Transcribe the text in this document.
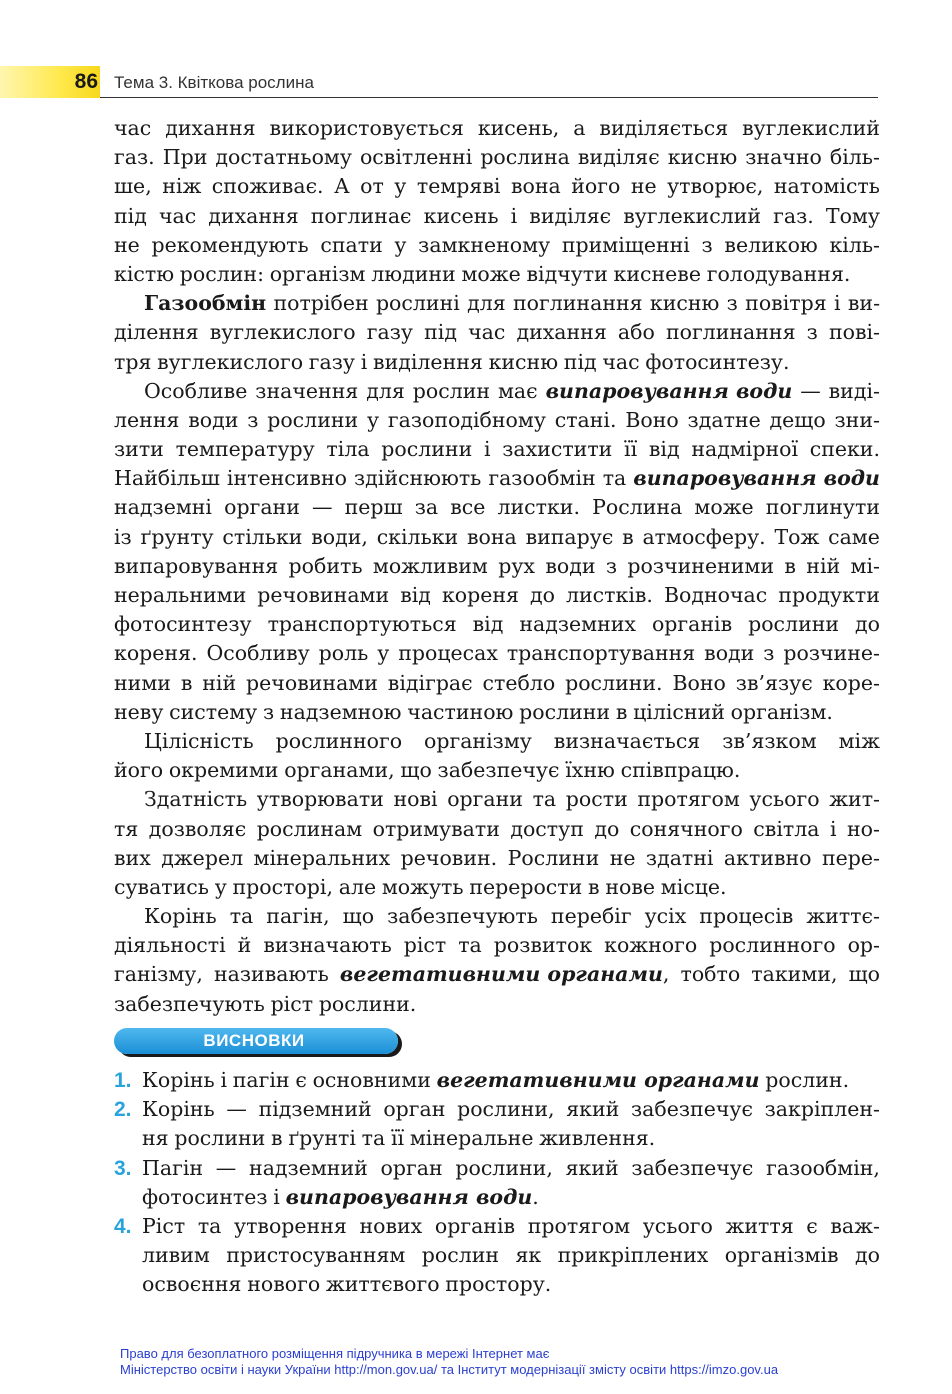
86 Тема 3. Квіткова рослина
час дихання використовується кисень, а виділяється вуглекислий
газ. При достатньому освітленні рослина виділяє кисню значно біль-
ше, ніж споживає. А от у темряві вона його не утворює, натомість
під час дихання поглинає кисень і виділяє вуглекислий газ. Тому
не рекомендують спати у замкненому приміщенні з великою кіль-
кістю рослин: організм людини може відчути кисневе голодування.
Газообмін потрібен рослині для поглинання кисню з повітря і ви-
ділення вуглекислого газу під час дихання або поглинання з пові-
тря вуглекислого газу і виділення кисню під час фотосинтезу.
Особливе значення для рослин має випаровування води — виді-
лення води з рослини у газоподібному стані. Воно здатне дещо зни-
зити температуру тіла рослини і захистити її від надмірної спеки.
Найбільш інтенсивно здійснюють газообмін та випаровування води
надземні органи — перш за все листки. Рослина може поглинути
із ґрунту стільки води, скільки вона випарує в атмосферу. Тож саме
випаровування робить можливим рух води з розчиненими в ній мі-
неральними речовинами від кореня до листків. Водночас продукти
фотосинтезу транспортуються від надземних органів рослини до
кореня. Особливу роль у процесах транспортування води з розчине-
ними в ній речовинами відіграє стебло рослини. Воно зв’язує коре-
неву систему з надземною частиною рослини в цілісний організм.
Цілісність рослинного організму визначається зв’язком між
його окремими органами, що забезпечує їхню співпрацю.
Здатність утворювати нові органи та рости протягом усього жит-
тя дозволяє рослинам отримувати доступ до сонячного світла і но-
вих джерел мінеральних речовин. Рослини не здатні активно пере-
суватись у просторі, але можуть перерости в нове місце.
Корінь та пагін, що забезпечують перебіг усіх процесів життє-
діяльності й визначають ріст та розвиток кожного рослинного ор-
ганізму, називають вегетативними органами, тобто такими, що
забезпечують ріст рослини.
ВИСНОВКИ
1. Корінь і пагін є основними вегетативними органами рослин.
2. Корінь — підземний орган рослини, який забезпечує закріплен-
ня рослини в ґрунті та її мінеральне живлення.
3. Пагін — надземний орган рослини, який забезпечує газообмін,
фотосинтез і випаровування води.
4. Ріст та утворення нових органів протягом усього життя є важ-
ливим пристосуванням рослин як прикріплених організмів до
освоєння нового життєвого простору.
Право для безоплатного розміщення підручника в мережі Інтернет має
Міністерство освіти і науки України http://mon.gov.ua/ та Інститут модернізації змісту освіти https://imzo.gov.ua
